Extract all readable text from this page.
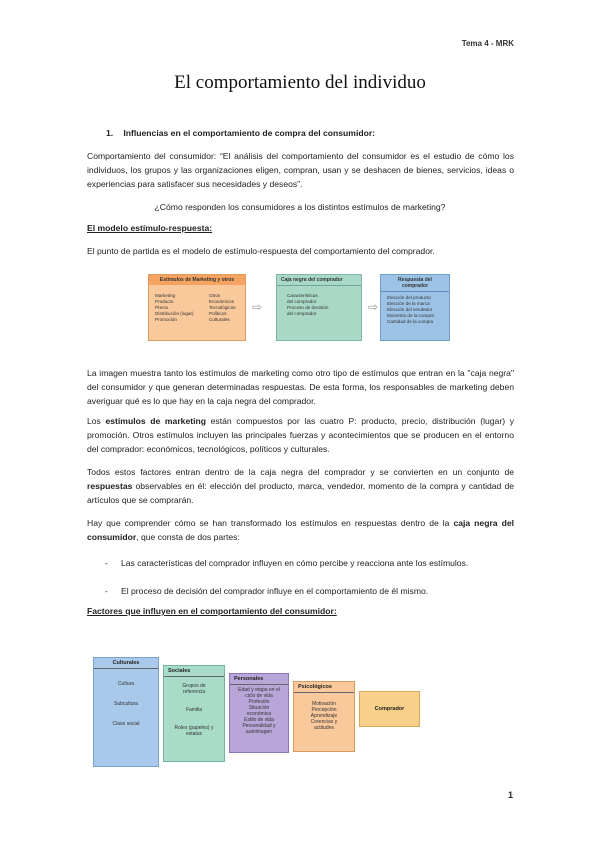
Tema 4 - MRK
El comportamiento del individuo
1. Influencias en el comportamiento de compra del consumidor:
Comportamiento del consumidor: “El análisis del comportamiento del consumidor es el estudio de cómo los individuos, los grupos y las organizaciones eligen, compran, usan y se deshacen de bienes, servicios, ideas o experiencias para satisfacer sus necesidades y deseos”.
¿Cómo responden los consumidores a los distintos estímulos de marketing?
El modelo estímulo-respuesta:
El punto de partida es el modelo de estímulo-respuesta del comportamiento del comprador.
Estímulos de Marketing y otros
Marketing
Producto
Precio
Distribución (lugar)
Promoción
Otros
Económicos
Tecnológicos
Políticos
Culturales
⇨
Caja negra del comprador
Características
del comprador
Proceso de decisión
del comprador	⇨
Respuesta del comprador
Elección del producto
Elección de la marca
Elección del vendedor
Momento de la compra
Cantidad de la compra
La imagen muestra tanto los estímulos de marketing como otro tipo de estímulos que entran en la "caja negra" del consumidor y que generan determinadas respuestas. De esta forma, los responsables de marketing deben averiguar qué es lo que hay en la caja negra del comprador.
Los estímulos de marketing están compuestos por las cuatro P: producto, precio, distribución (lugar) y promoción. Otros estímulos incluyen las principales fuerzas y acontecimientos que se producen en el entorno del comprador: económicos, tecnológicos, políticos y culturales.
Todos estos factores entran dentro de la caja negra del comprador y se convierten en un conjunto de respuestas observables en él: elección del producto, marca, vendedor, momento de la compra y cantidad de artículos que se comprarán.
Hay que comprender cómo se han transformado los estímulos en respuestas dentro de la caja negra del consumidor, que consta de dos partes:
- Las características del comprador influyen en cómo percibe y reacciona ante los estímulos.
- El proceso de decisión del comprador influye en el comportamiento de él mismo.
Factores que influyen en el comportamiento del consumidor:
Culturales
Cultura
Subcultura
Clase social
Sociales
Grupos de referencia
Familia
Roles (papeles) y estatus
Personales
Edad y etapa en el ciclo de vida
Profesión
Situación económica
Estilo de vida
Personalidad y autoimagen
Psicológicos
Motivación
Percepción
Aprendizaje
Creencias y actitudes
Comprador
1
